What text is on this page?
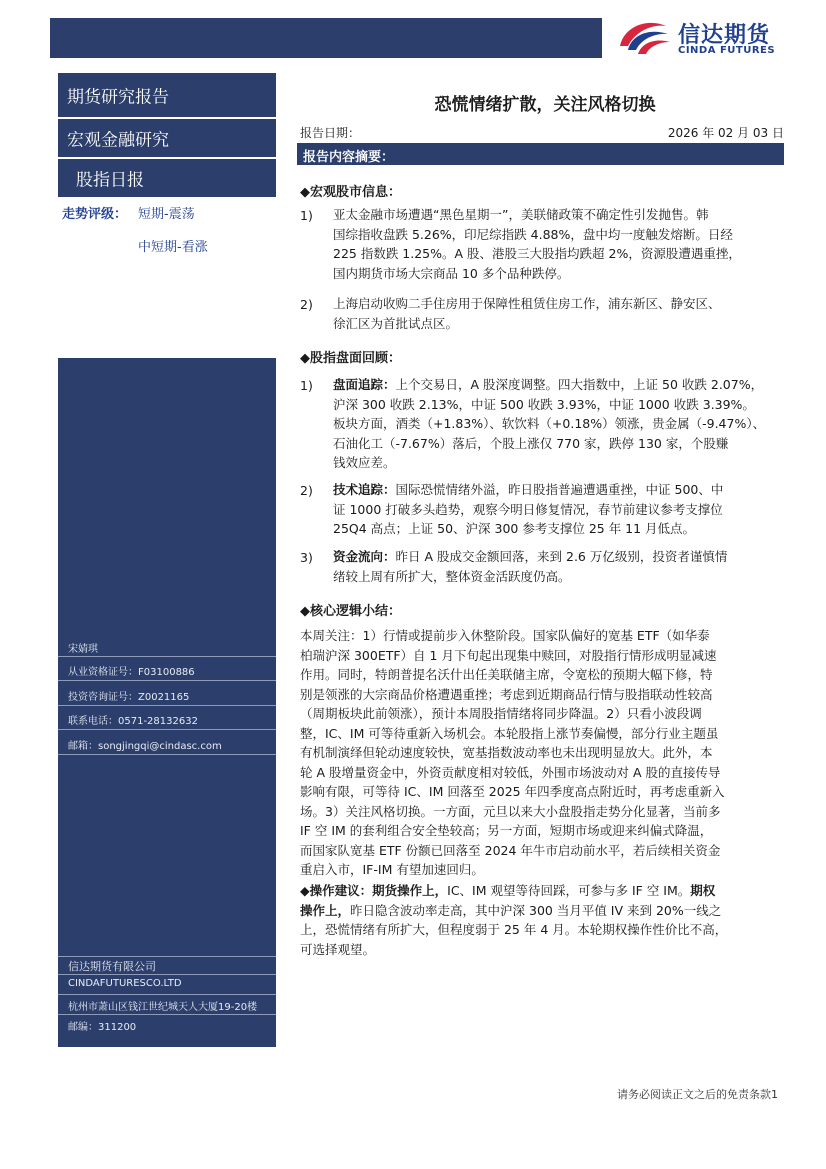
信达期货
CINDA FUTURES
期货研究报告
宏观金融研究
股指日报
走势评级： 短期-震荡
中短期-看涨
宋婧琪
从业资格证号：F03100886
投资咨询证号：Z0021165
联系电话：0571-28132632
邮箱：songjingqi@cindasc.com
信达期货有限公司
CINDAFUTURESCO.LTD
杭州市萧山区钱江世纪城天人大厦19-20楼
邮编：311200
恐慌情绪扩散，关注风格切换
报告日期：	2026 年 02 月 03 日
报告内容摘要：
◆宏观股市信息：
1) 亚太金融市场遭遇“黑色星期一”，美联储政策不确定性引发抛售。韩
国综指收盘跌 5.26%，印尼综指跌 4.88%，盘中均一度触发熔断。日经
225 指数跌 1.25%。A 股、港股三大股指均跌超 2%，资源股遭遇重挫，
国内期货市场大宗商品 10 多个品种跌停。
2) 上海启动收购二手住房用于保障性租赁住房工作，浦东新区、静安区、
徐汇区为首批试点区。
◆股指盘面回顾：
1) 盘面追踪：上个交易日，A 股深度调整。四大指数中，上证 50 收跌 2.07%，
沪深 300 收跌 2.13%，中证 500 收跌 3.93%，中证 1000 收跌 3.39%。
板块方面，酒类（+1.83%）、软饮料（+0.18%）领涨，贵金属（-9.47%）、
石油化工（-7.67%）落后，个股上涨仅 770 家，跌停 130 家，个股赚
钱效应差。
2) 技术追踪：国际恐慌情绪外溢，昨日股指普遍遭遇重挫，中证 500、中
证 1000 打破多头趋势，观察今明日修复情况，春节前建议参考支撑位
25Q4 高点；上证 50、沪深 300 参考支撑位 25 年 11 月低点。
3) 资金流向：昨日 A 股成交金额回落，来到 2.6 万亿级别，投资者谨慎情
绪较上周有所扩大，整体资金活跃度仍高。
◆核心逻辑小结：
本周关注：1）行情或提前步入休整阶段。国家队偏好的宽基 ETF（如华泰
柏瑞沪深 300ETF）自 1 月下旬起出现集中赎回，对股指行情形成明显减速
作用。同时，特朗普提名沃什出任美联储主席，令宽松的预期大幅下修，特
别是领涨的大宗商品价格遭遇重挫；考虑到近期商品行情与股指联动性较高
（周期板块此前领涨），预计本周股指情绪将同步降温。2）只看小波段调
整，IC、IM 可等待重新入场机会。本轮股指上涨节奏偏慢，部分行业主题虽
有机制演绎但轮动速度较快，宽基指数波动率也未出现明显放大。此外，本
轮 A 股增量资金中，外资贡献度相对较低，外围市场波动对 A 股的直接传导
影响有限，可等待 IC、IM 回落至 2025 年四季度高点附近时，再考虑重新入
场。3）关注风格切换。一方面，元旦以来大小盘股指走势分化显著，当前多
IF 空 IM 的套利组合安全垫较高；另一方面，短期市场或迎来纠偏式降温，
而国家队宽基 ETF 份额已回落至 2024 年牛市启动前水平，若后续相关资金
重启入市，IF-IM 有望加速回归。
◆操作建议：期货操作上，IC、IM 观望等待回踩，可参与多 IF 空 IM。期权
操作上，昨日隐含波动率走高，其中沪深 300 当月平值 IV 来到 20%一线之
上，恐慌情绪有所扩大，但程度弱于 25 年 4 月。本轮期权操作性价比不高，
可选择观望。
请务必阅读正文之后的免责条款1
